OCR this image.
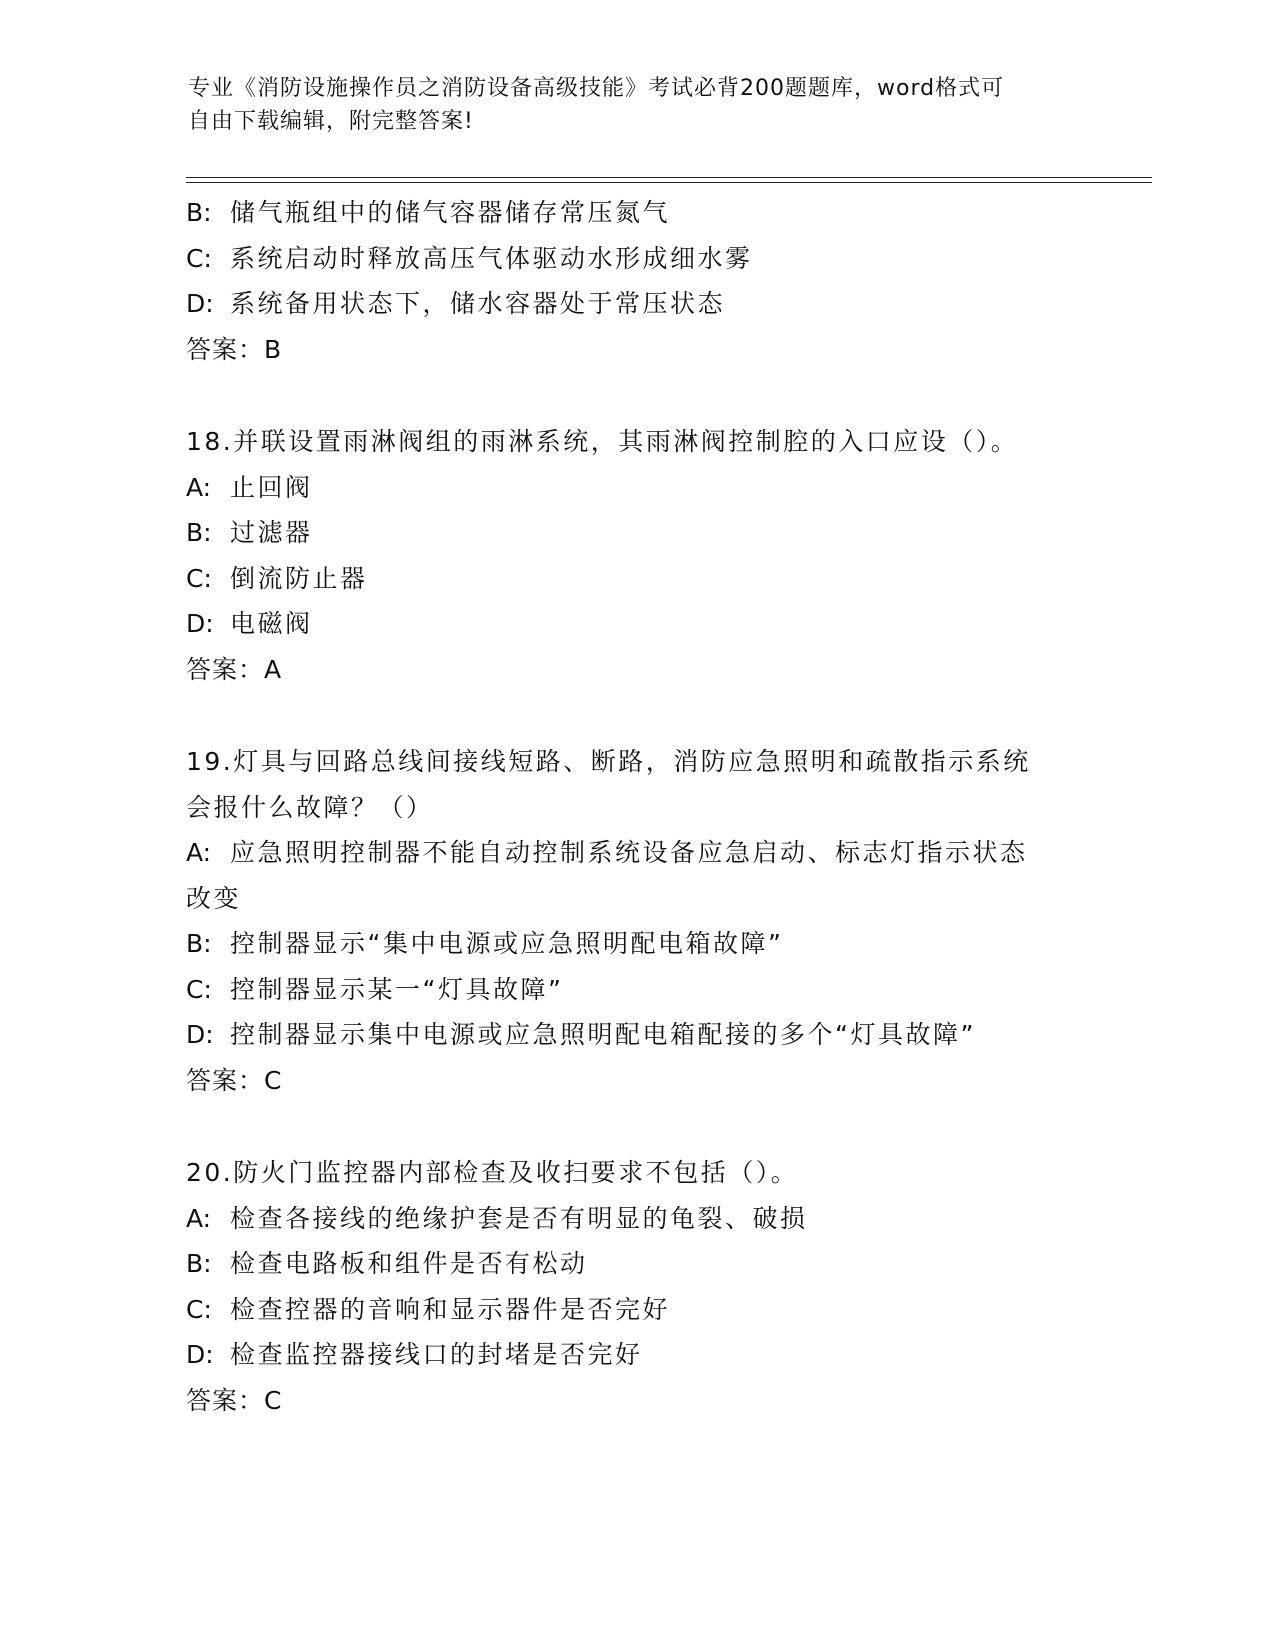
专业《消防设施操作员之消防设备高级技能》考试必背200题题库，word格式可
自由下载编辑，附完整答案!
B: 储气瓶组中的储气容器储存常压氮气
C: 系统启动时释放高压气体驱动水形成细水雾
D: 系统备用状态下，储水容器处于常压状态
答案：B
18.并联设置雨淋阀组的雨淋系统，其雨淋阀控制腔的入口应设（）。
A: 止回阀
B: 过滤器
C: 倒流防止器
D: 电磁阀
答案：A
19.灯具与回路总线间接线短路、断路，消防应急照明和疏散指示系统
会报什么故障？（）
A: 应急照明控制器不能自动控制系统设备应急启动、标志灯指示状态
改变
B: 控制器显示“集中电源或应急照明配电箱故障”
C: 控制器显示某一“灯具故障”
D: 控制器显示集中电源或应急照明配电箱配接的多个“灯具故障”
答案：C
20.防火门监控器内部检查及收扫要求不包括（）。
A: 检查各接线的绝缘护套是否有明显的龟裂、破损
B: 检查电路板和组件是否有松动
C: 检查控器的音响和显示器件是否完好
D: 检查监控器接线口的封堵是否完好
答案：C
